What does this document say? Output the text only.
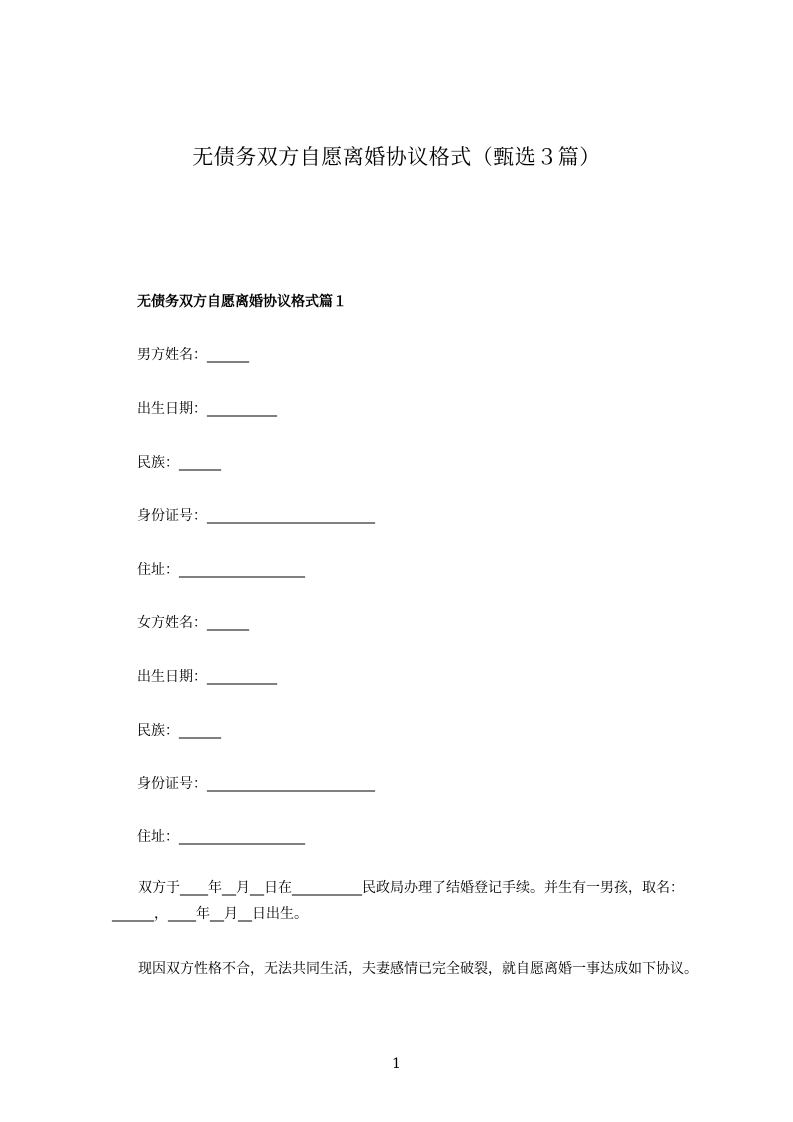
无债务双方自愿离婚协议格式（甄选３篇）
无债务双方自愿离婚协议格式篇１
男方姓名：______
出生日期：__________
民族：______
身份证号：________________________
住址：__________________
女方姓名：______
出生日期：__________
民族：______
身份证号：________________________
住址：__________________
双方于____年__月__日在__________民政局办理了结婚登记手续。并生有一男孩，取名：______，____年__月__日出生。
现因双方性格不合，无法共同生活，夫妻感情已完全破裂，就自愿离婚一事达成如下协议。
1
